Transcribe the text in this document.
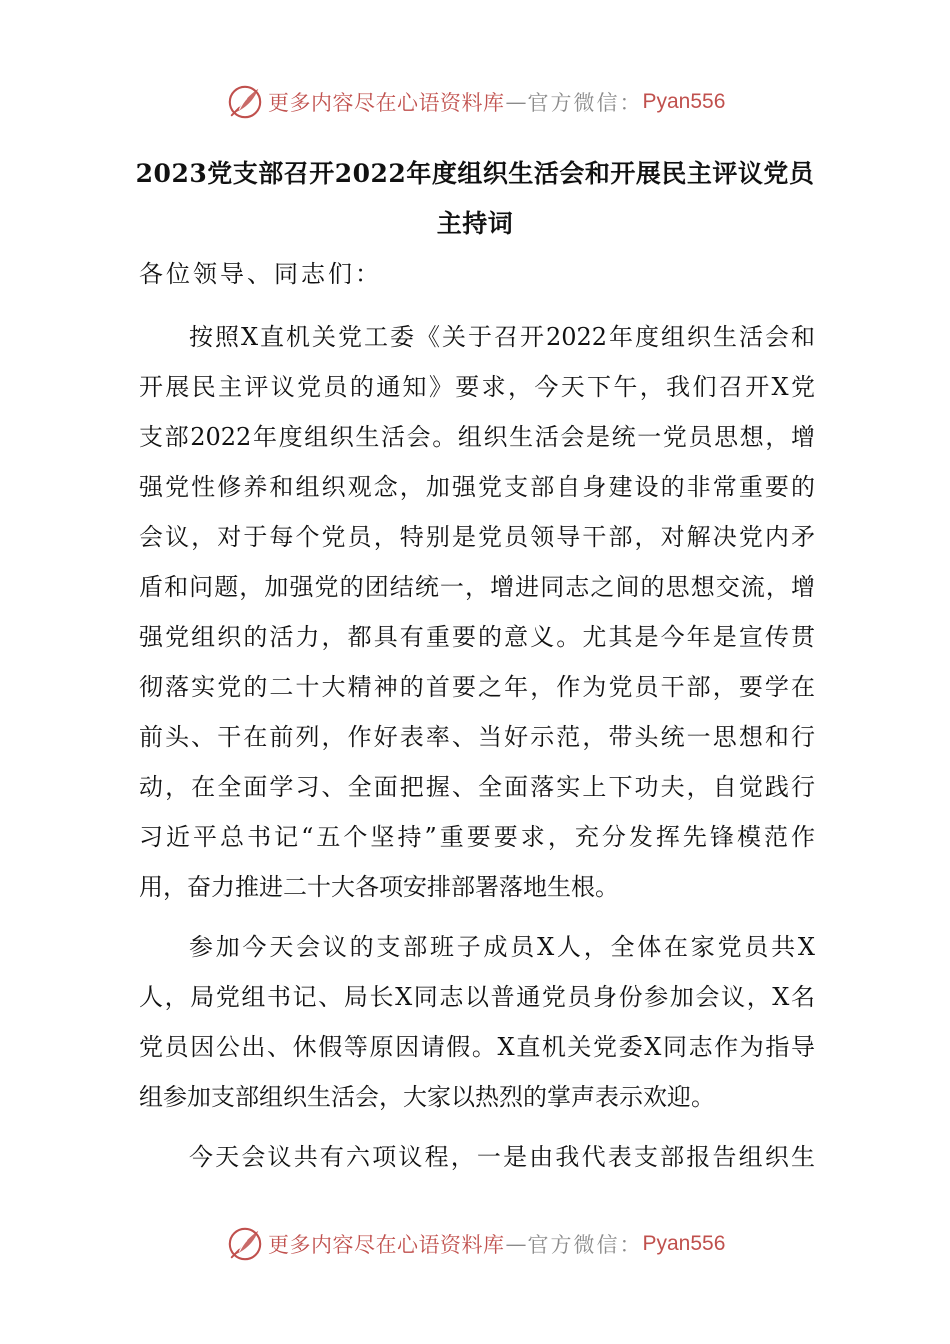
更多内容尽在心语资料库 — 官方微信： Pyan556
2023党支部召开2022年度组织生活会和开展民主评议党员
主持词
各位领导、同志们：
按照X直机关党工委《关于召开2022年度组织生活会和
开展民主评议党员的通知》要求，今天下午，我们召开X党
支部2022年度组织生活会。组织生活会是统一党员思想，增
强党性修养和组织观念，加强党支部自身建设的非常重要的
会议，对于每个党员，特别是党员领导干部，对解决党内矛
盾和问题，加强党的团结统一，增进同志之间的思想交流，增
强党组织的活力，都具有重要的意义。尤其是今年是宣传贯
彻落实党的二十大精神的首要之年，作为党员干部，要学在
前头、干在前列，作好表率、当好示范，带头统一思想和行
动，在全面学习、全面把握、全面落实上下功夫，自觉践行
习近平总书记“五个坚持”重要要求，充分发挥先锋模范作
用，奋力推进二十大各项安排部署落地生根。
参加今天会议的支部班子成员X人，全体在家党员共X
人，局党组书记、局长X同志以普通党员身份参加会议，X名
党员因公出、休假等原因请假。X直机关党委X同志作为指导
组参加支部组织生活会，大家以热烈的掌声表示欢迎。
今天会议共有六项议程，一是由我代表支部报告组织生
更多内容尽在心语资料库 — 官方微信： Pyan556
